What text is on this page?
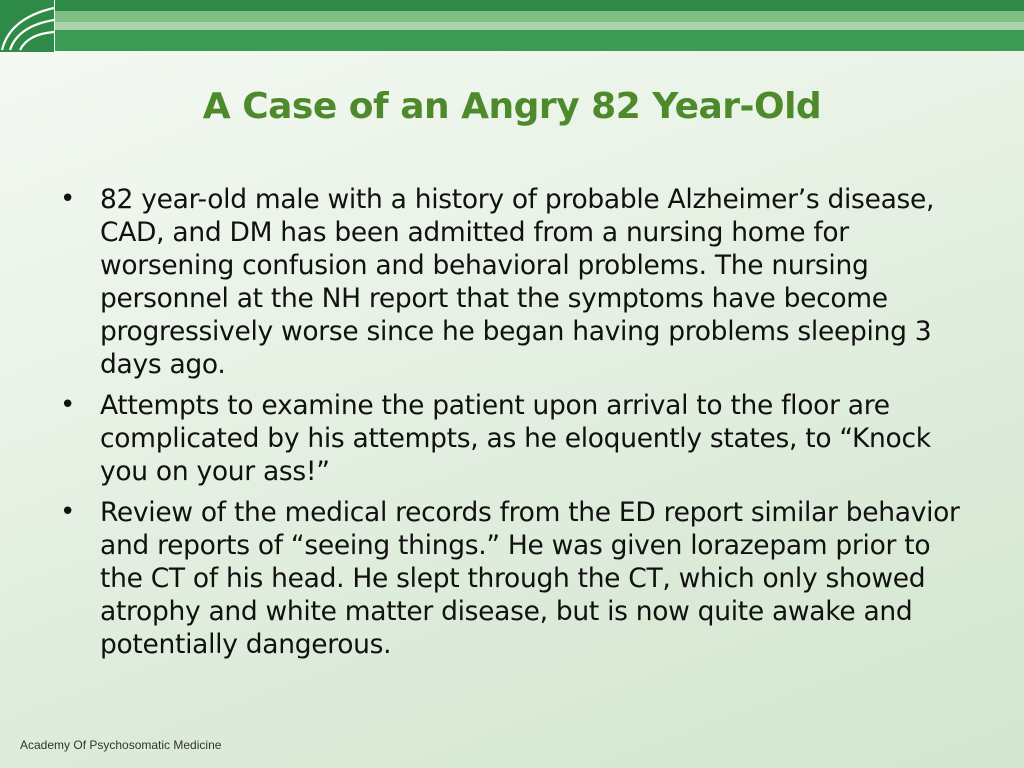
A Case of an Angry 82 Year-Old
• 82 year-old male with a history of probable Alzheimer’s disease, CAD, and DM has been admitted from a nursing home for worsening confusion and behavioral problems. The nursing personnel at the NH report that the symptoms have become progressively worse since he began having problems sleeping 3 days ago.
• Attempts to examine the patient upon arrival to the floor are complicated by his attempts, as he eloquently states, to “Knock you on your ass!”
• Review of the medical records from the ED report similar behavior and reports of “seeing things.” He was given lorazepam prior to the CT of his head. He slept through the CT, which only showed atrophy and white matter disease, but is now quite awake and potentially dangerous.
Academy Of Psychosomatic Medicine
